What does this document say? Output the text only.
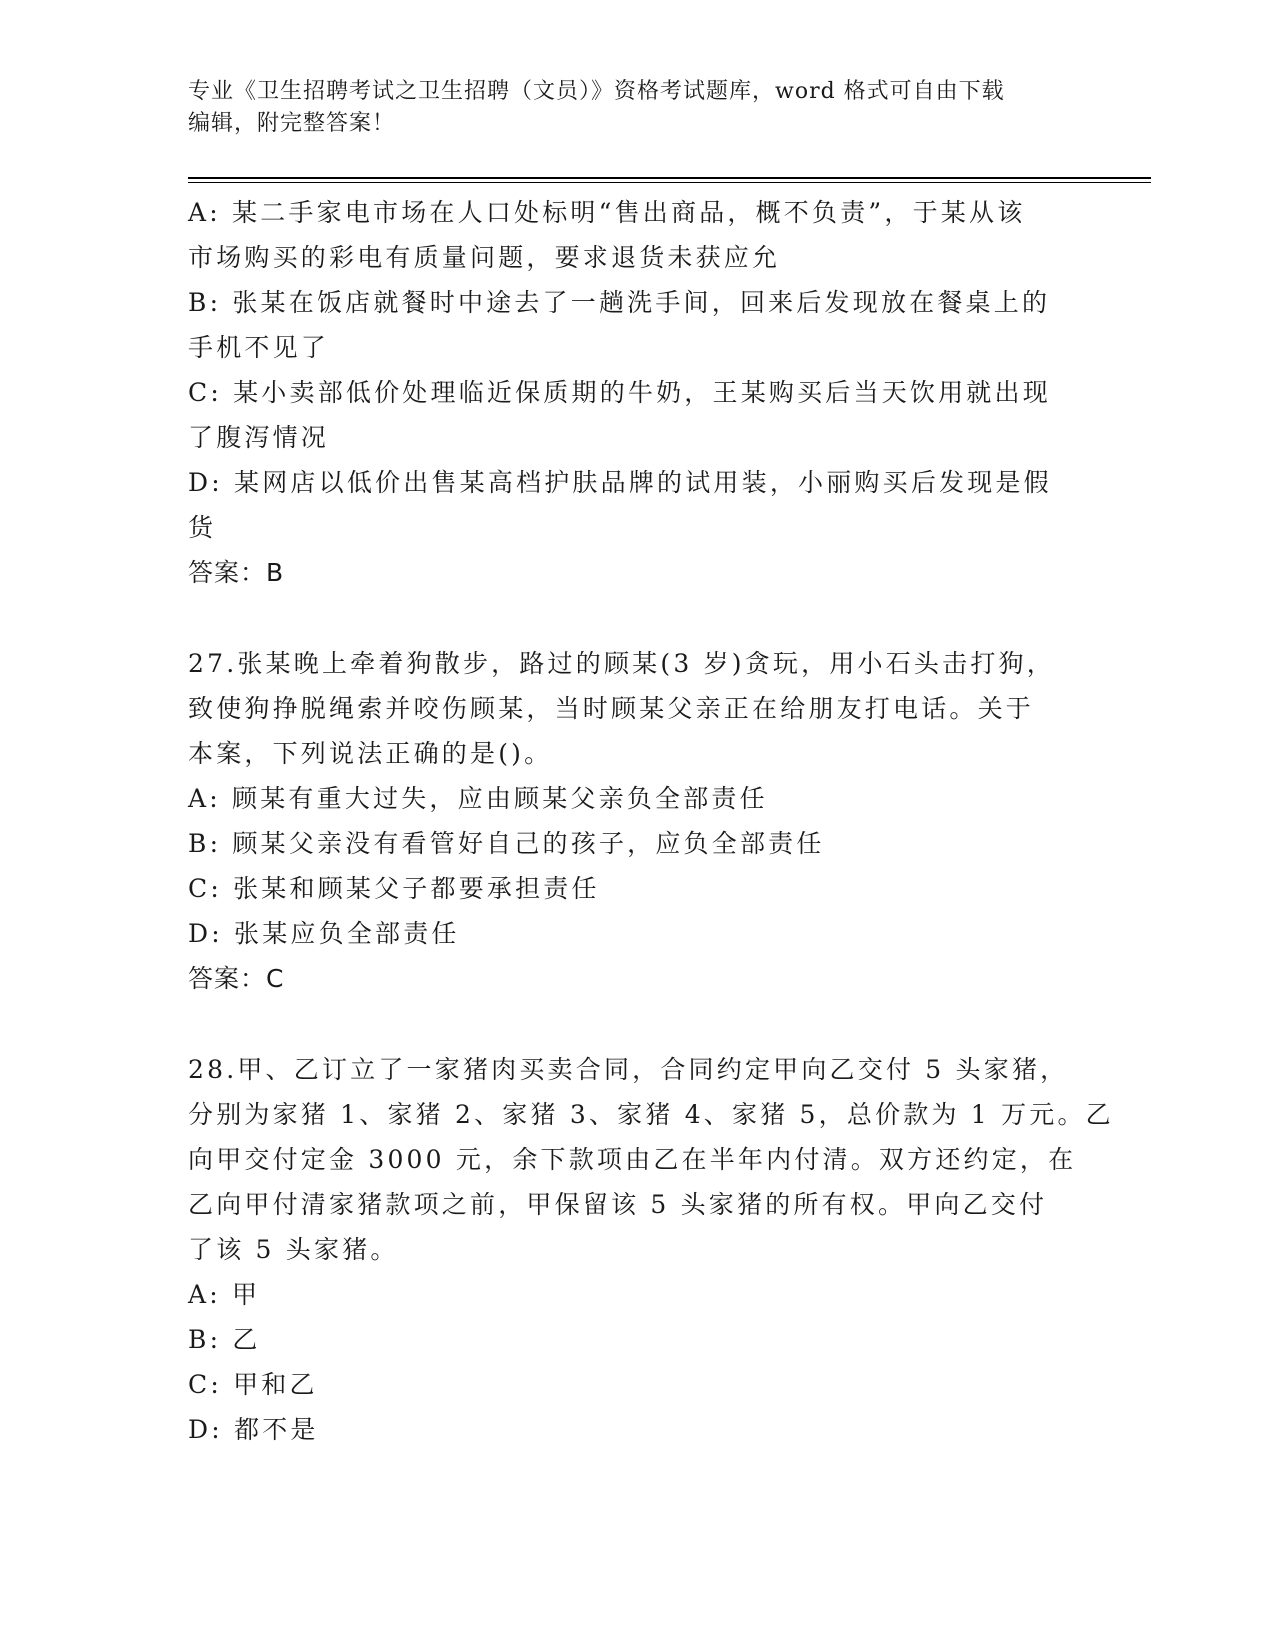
专业《卫生招聘考试之卫生招聘（文员）》资格考试题库，word 格式可自由下载
编辑，附完整答案！
A: 某二手家电市场在人口处标明“售出商品，概不负责”，于某从该
市场购买的彩电有质量问题，要求退货未获应允
B: 张某在饭店就餐时中途去了一趟洗手间，回来后发现放在餐桌上的
手机不见了
C: 某小卖部低价处理临近保质期的牛奶，王某购买后当天饮用就出现
了腹泻情况
D: 某网店以低价出售某高档护肤品牌的试用装，小丽购买后发现是假
货
答案：B
27.张某晚上牵着狗散步，路过的顾某(3 岁)贪玩，用小石头击打狗，
致使狗挣脱绳索并咬伤顾某，当时顾某父亲正在给朋友打电话。关于
本案，下列说法正确的是()。
A: 顾某有重大过失，应由顾某父亲负全部责任
B: 顾某父亲没有看管好自己的孩子，应负全部责任
C: 张某和顾某父子都要承担责任
D: 张某应负全部责任
答案：C
28.甲、乙订立了一家猪肉买卖合同，合同约定甲向乙交付 5 头家猪，
分别为家猪 1、家猪 2、家猪 3、家猪 4、家猪 5，总价款为 1 万元。乙
向甲交付定金 3000 元，余下款项由乙在半年内付清。双方还约定，在
乙向甲付清家猪款项之前，甲保留该 5 头家猪的所有权。甲向乙交付
了该 5 头家猪。
A: 甲
B: 乙
C: 甲和乙
D: 都不是
